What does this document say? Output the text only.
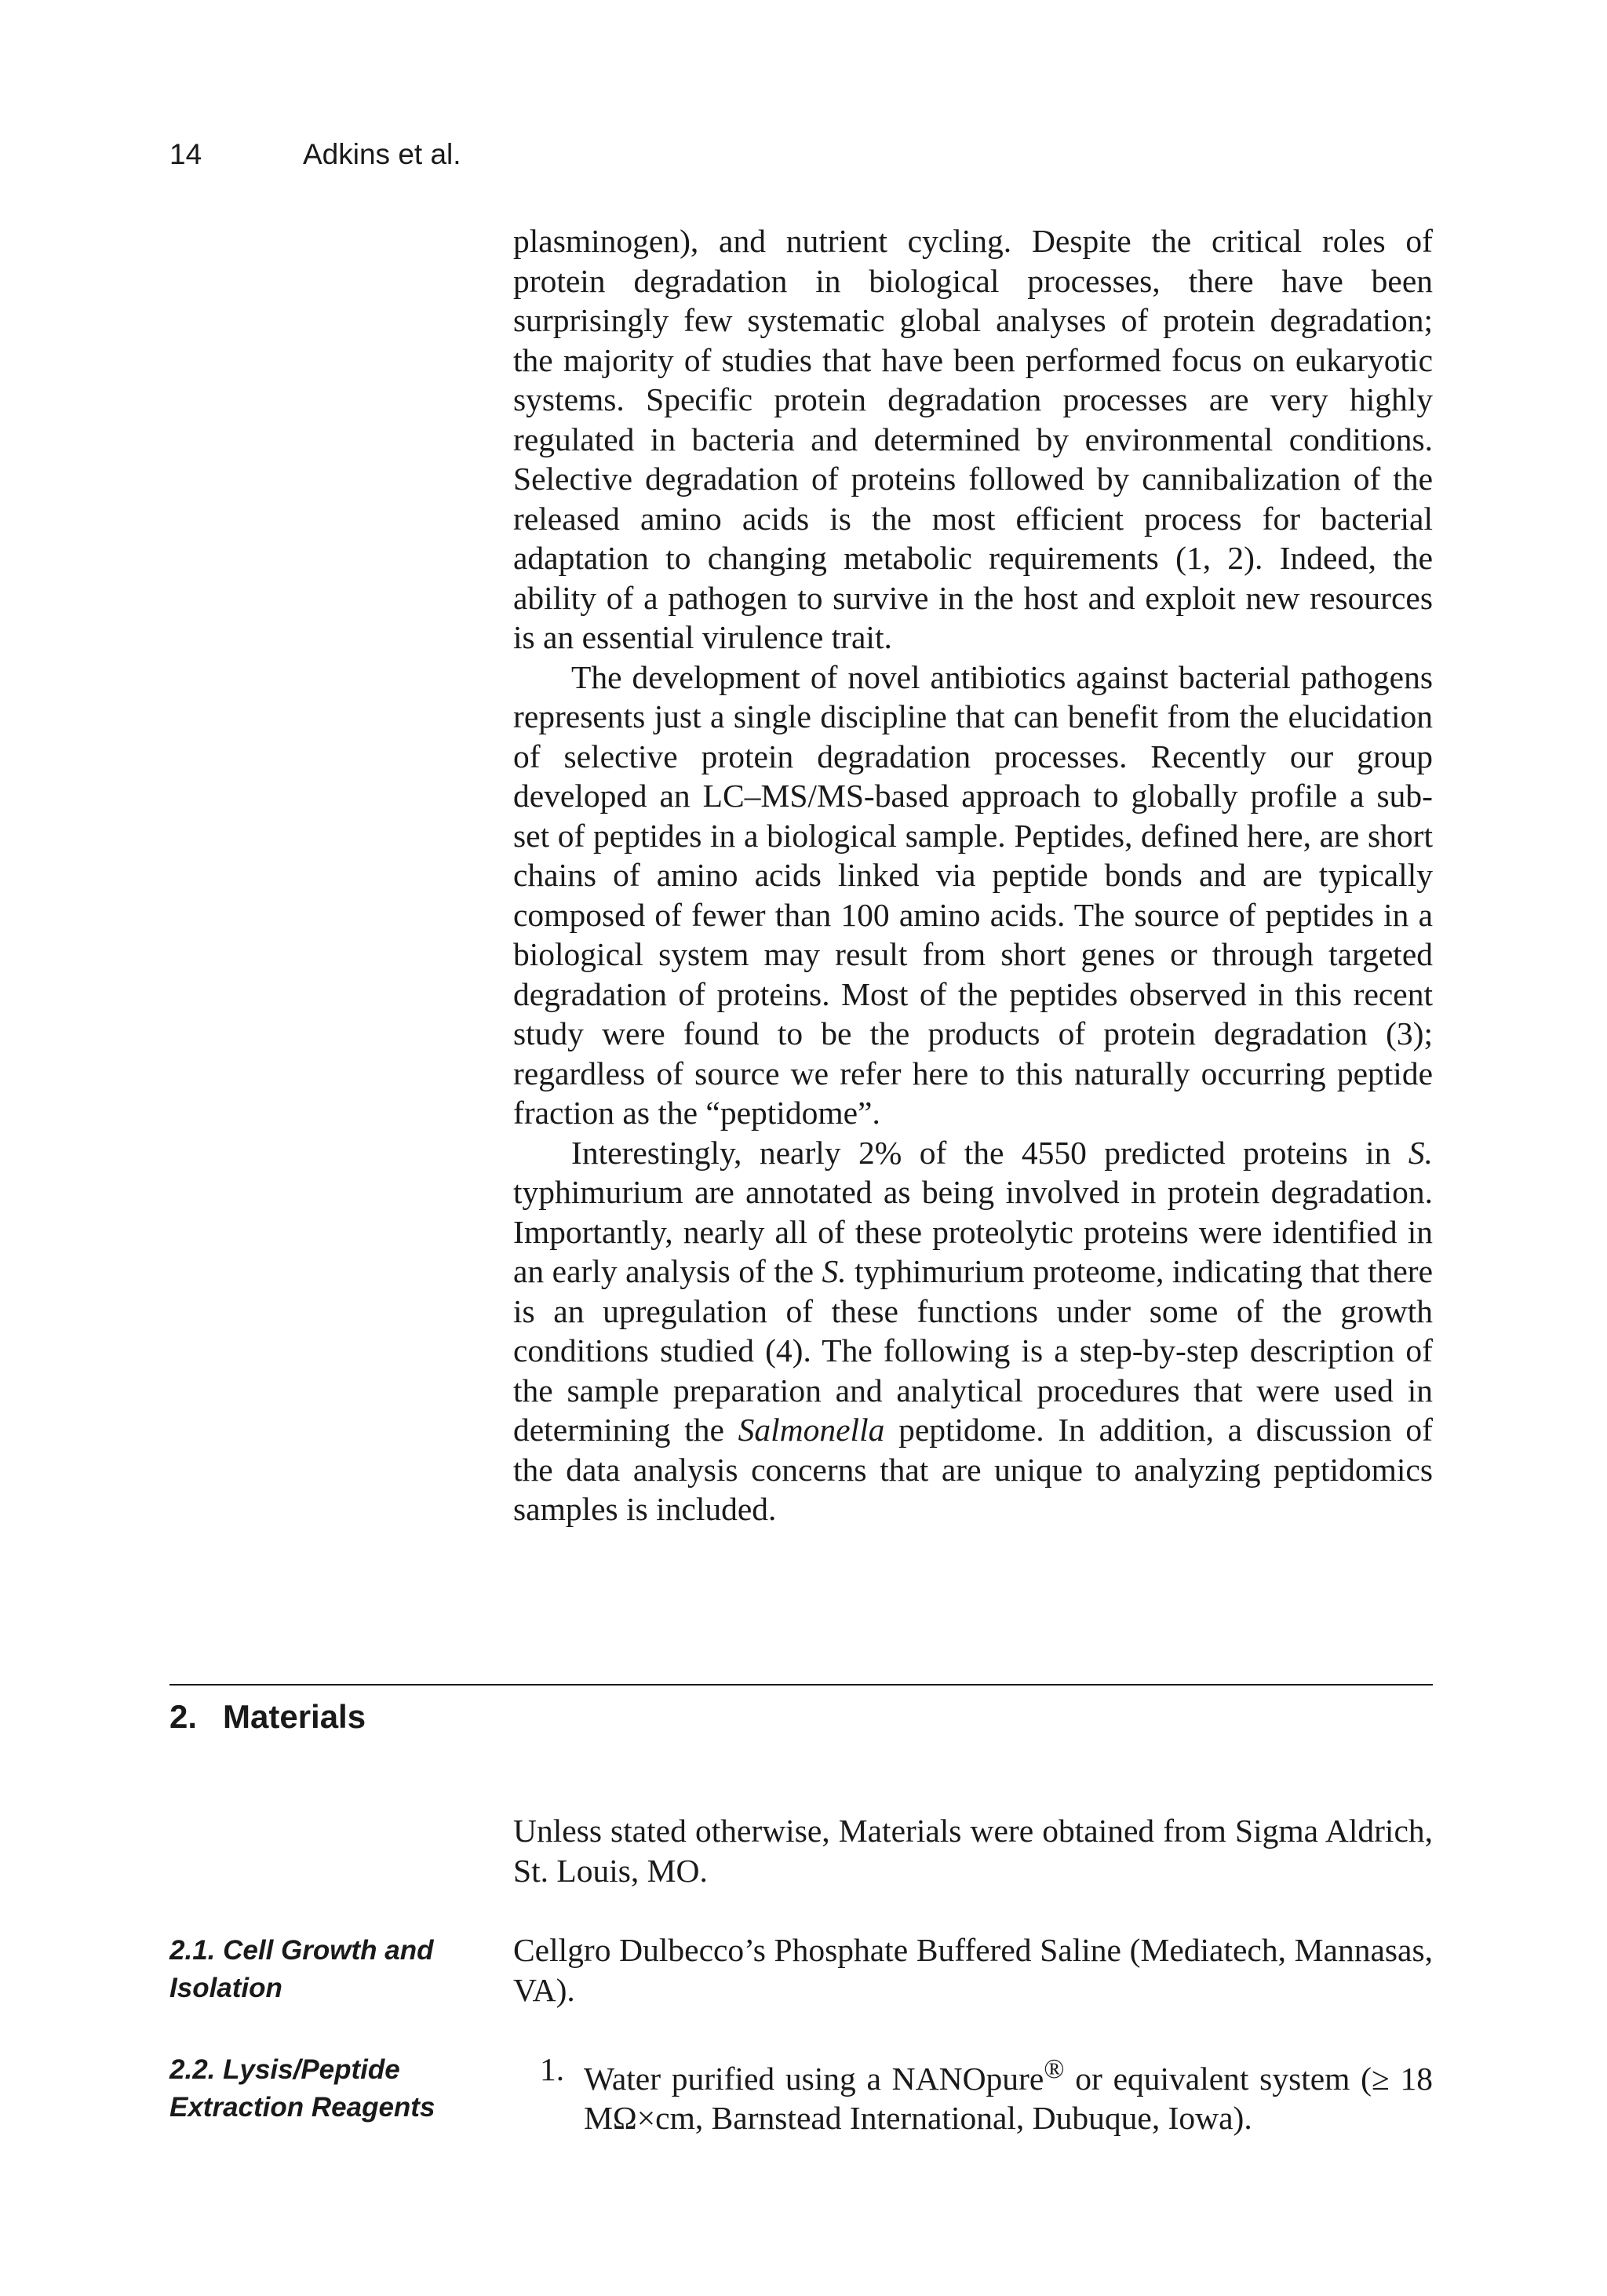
14	Adkins et al.

plasminogen), and nutrient cycling. Despite the critical roles of protein degradation in biological processes, there have been surprisingly few systematic global analyses of protein degradation; the majority of studies that have been performed focus on eukaryotic systems. Specific protein degradation processes are very highly regulated in bacteria and determined by environmental conditions. Selective degradation of proteins followed by cannibalization of the released amino acids is the most efficient process for bacterial adaptation to changing metabolic requirements (1, 2). Indeed, the ability of a pathogen to survive in the host and exploit new resources is an essential virulence trait.

The development of novel antibiotics against bacterial pathogens represents just a single discipline that can benefit from the elucidation of selective protein degradation processes. Recently our group developed an LC–MS/MS-based approach to globally profile a sub-set of peptides in a biological sample. Peptides, defined here, are short chains of amino acids linked via peptide bonds and are typically composed of fewer than 100 amino acids. The source of peptides in a biological system may result from short genes or through targeted degradation of proteins. Most of the peptides observed in this recent study were found to be the products of protein degradation (3); regardless of source we refer here to this naturally occurring peptide fraction as the “peptidome”.

Interestingly, nearly 2% of the 4550 predicted proteins in S. typhimurium are annotated as being involved in protein degradation. Importantly, nearly all of these proteolytic proteins were identified in an early analysis of the S. typhimurium proteome, indicating that there is an upregulation of these functions under some of the growth conditions studied (4). The following is a step-by-step description of the sample preparation and analytical procedures that were used in determining the Salmonella peptidome. In addition, a discussion of the data analysis concerns that are unique to analyzing peptidomics samples is included.

2. Materials

Unless stated otherwise, Materials were obtained from Sigma Aldrich, St. Louis, MO.

2.1. Cell Growth and Isolation

Cellgro Dulbecco’s Phosphate Buffered Saline (Mediatech, Mannasas, VA).

2.2. Lysis/Peptide Extraction Reagents
1. Water purified using a NANOpure® or equivalent system (≥ 18 MΩ×cm, Barnstead International, Dubuque, Iowa).
